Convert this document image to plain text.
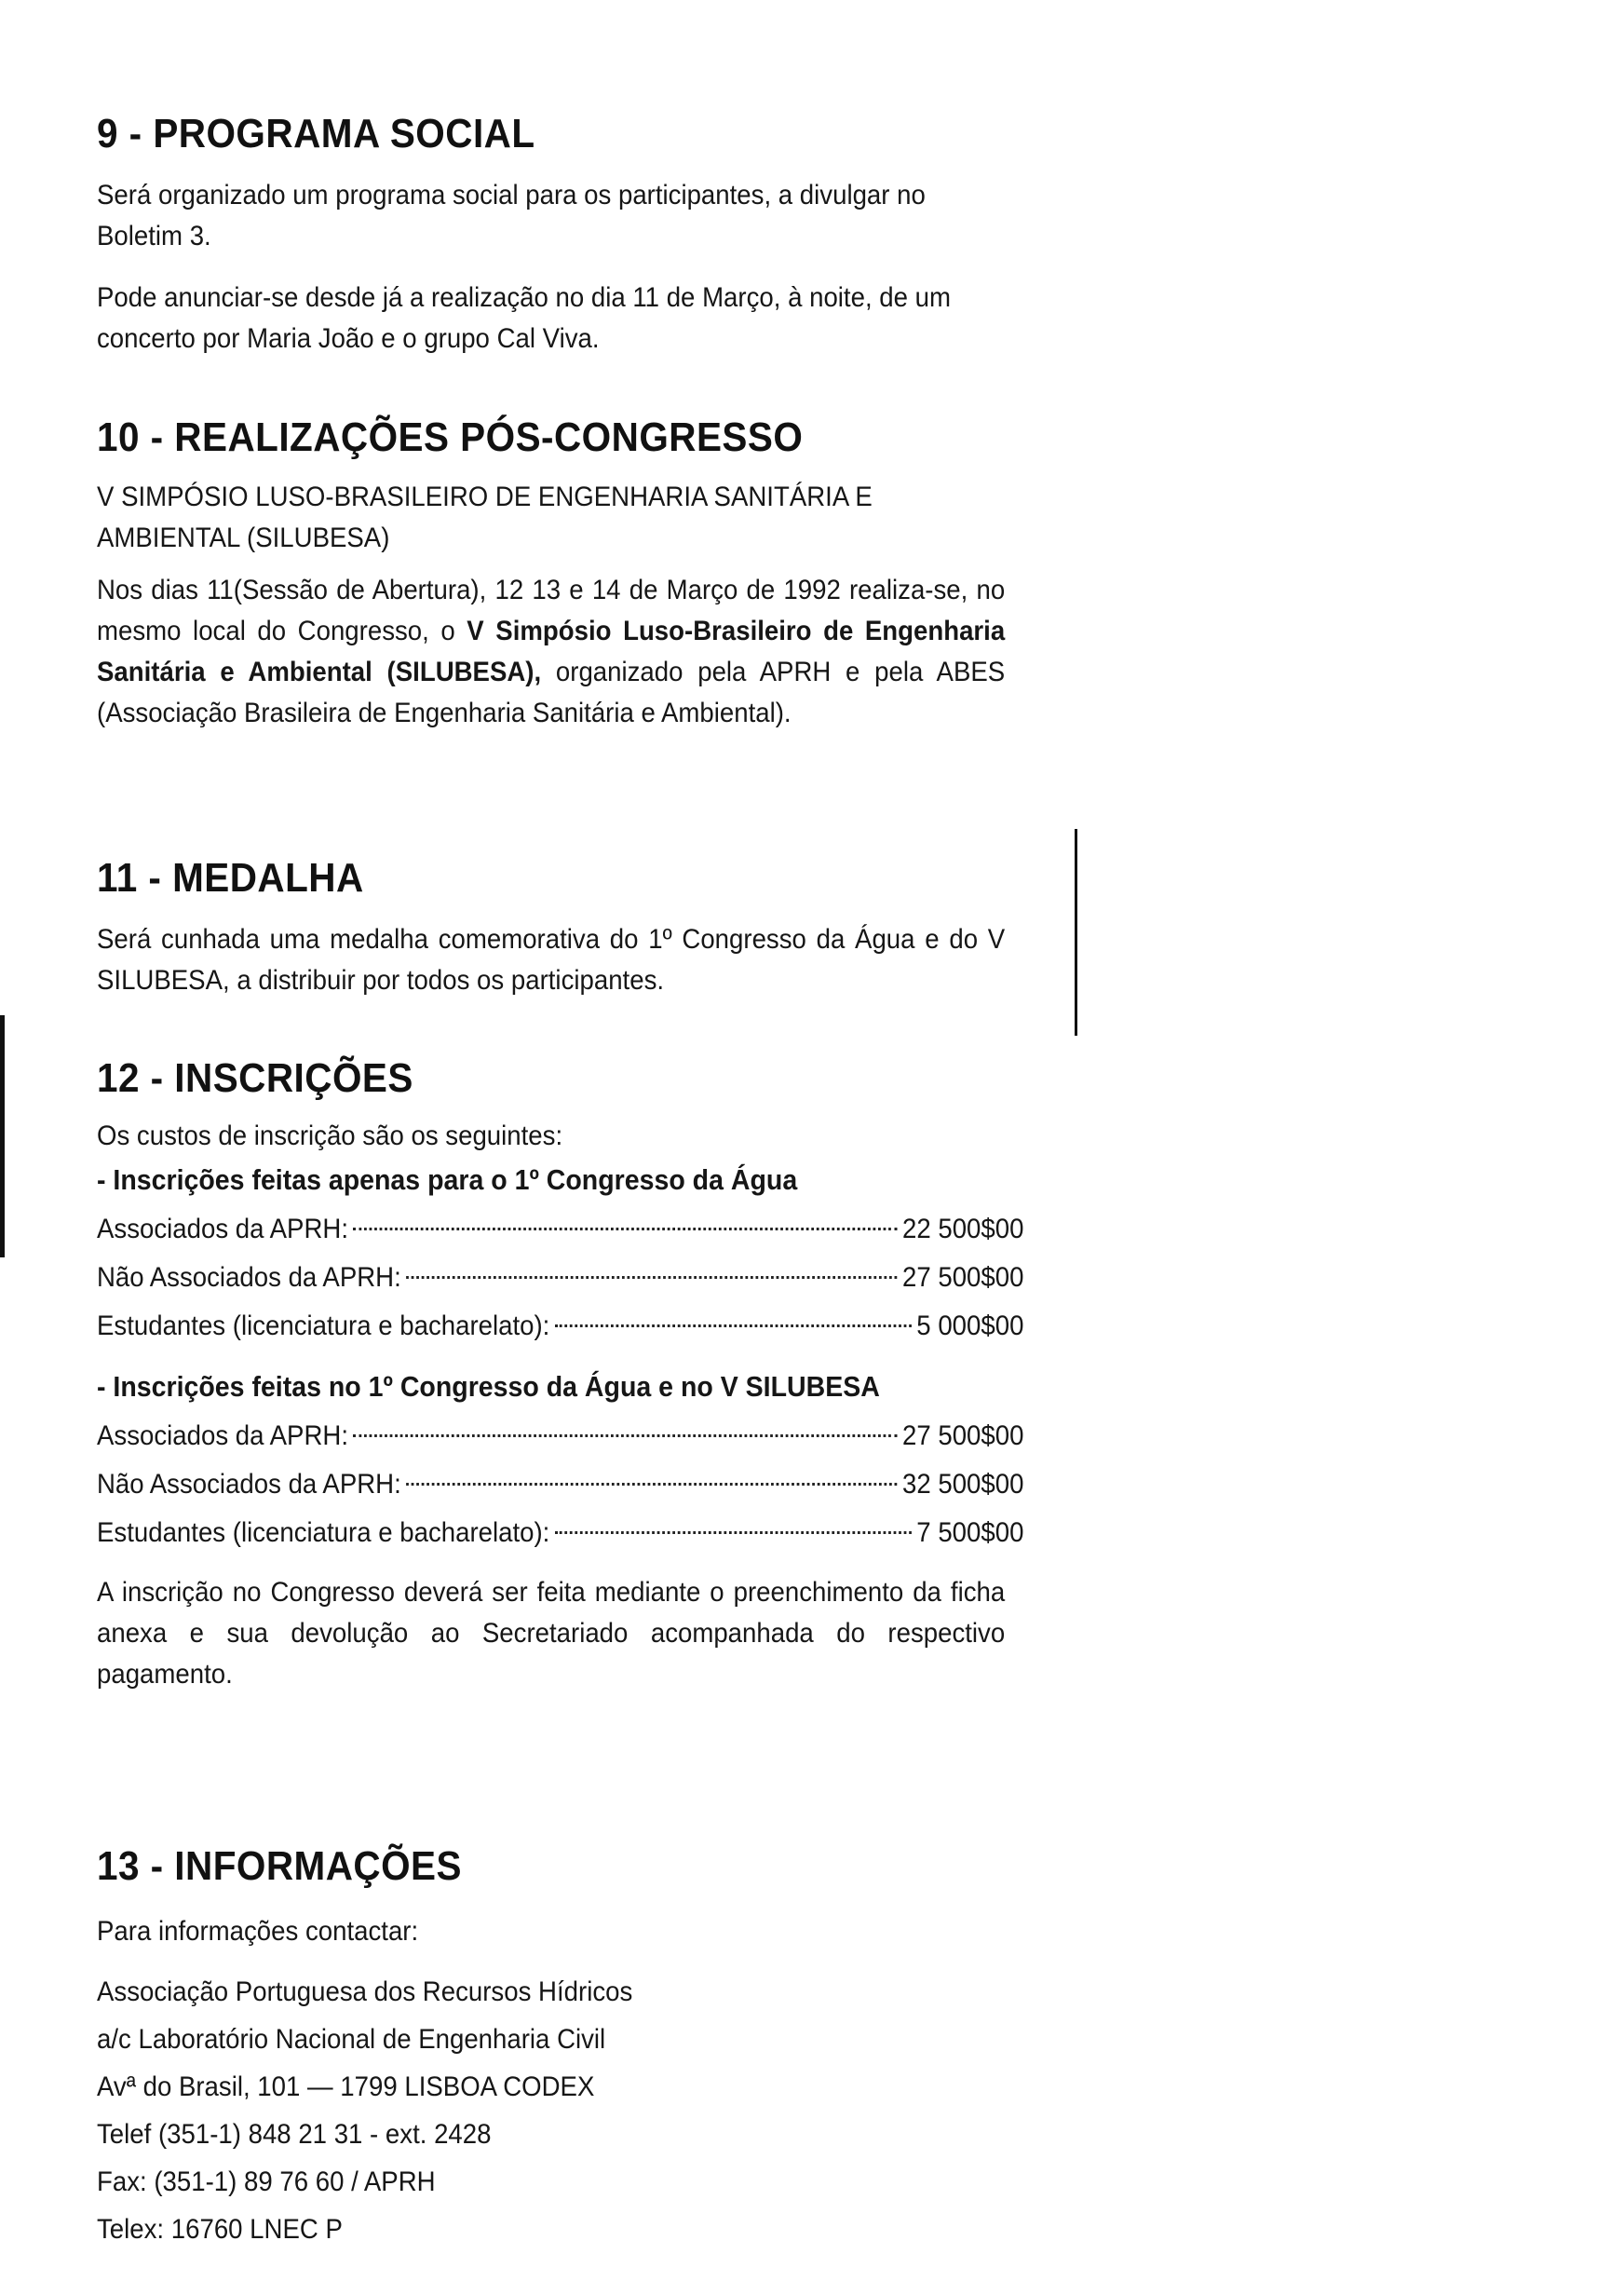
9 - PROGRAMA SOCIAL

Será organizado um programa social para os participantes, a divulgar no Boletim 3.

Pode anunciar-se desde já a realização no dia 11 de Março, à noite, de um concerto por Maria João e o grupo Cal Viva.

10 - REALIZAÇÕES PÓS-CONGRESSO

V SIMPÓSIO LUSO-BRASILEIRO DE ENGENHARIA SANITÁRIA E AMBIENTAL (SILUBESA)

Nos dias 11(Sessão de Abertura), 12 13 e 14 de Março de 1992 realiza-se, no mesmo local do Congresso, o V Simpósio Luso-Brasileiro de Engenharia Sanitária e Ambiental (SILUBESA), organizado pela APRH e pela ABES (Associação Brasileira de Engenharia Sanitária e Ambiental).

11 - MEDALHA

Será cunhada uma medalha comemorativa do 1º Congresso da Água e do V SILUBESA, a distribuir por todos os participantes.

12 - INSCRIÇÕES

Os custos de inscrição são os seguintes:

- Inscrições feitas apenas para o 1º Congresso da Água

Associados da APRH:	22 500$00
Não Associados da APRH:	27 500$00
Estudantes (licenciatura e bacharelato):	5 000$00

- Inscrições feitas no 1º Congresso da Água e no V SILUBESA

Associados da APRH:	27 500$00
Não Associados da APRH:	32 500$00
Estudantes (licenciatura e bacharelato):	7 500$00

A inscrição no Congresso deverá ser feita mediante o preenchimento da ficha anexa e sua devolução ao Secretariado acompanhada do respectivo pagamento.

13 - INFORMAÇÕES

Para informações contactar:

Associação Portuguesa dos Recursos Hídricos

a/c Laboratório Nacional de Engenharia Civil

Avª do Brasil, 101 — 1799 LISBOA CODEX

Telef (351-1) 848 21 31 - ext. 2428

Fax: (351-1) 89 76 60 / APRH

Telex: 16760 LNEC P
